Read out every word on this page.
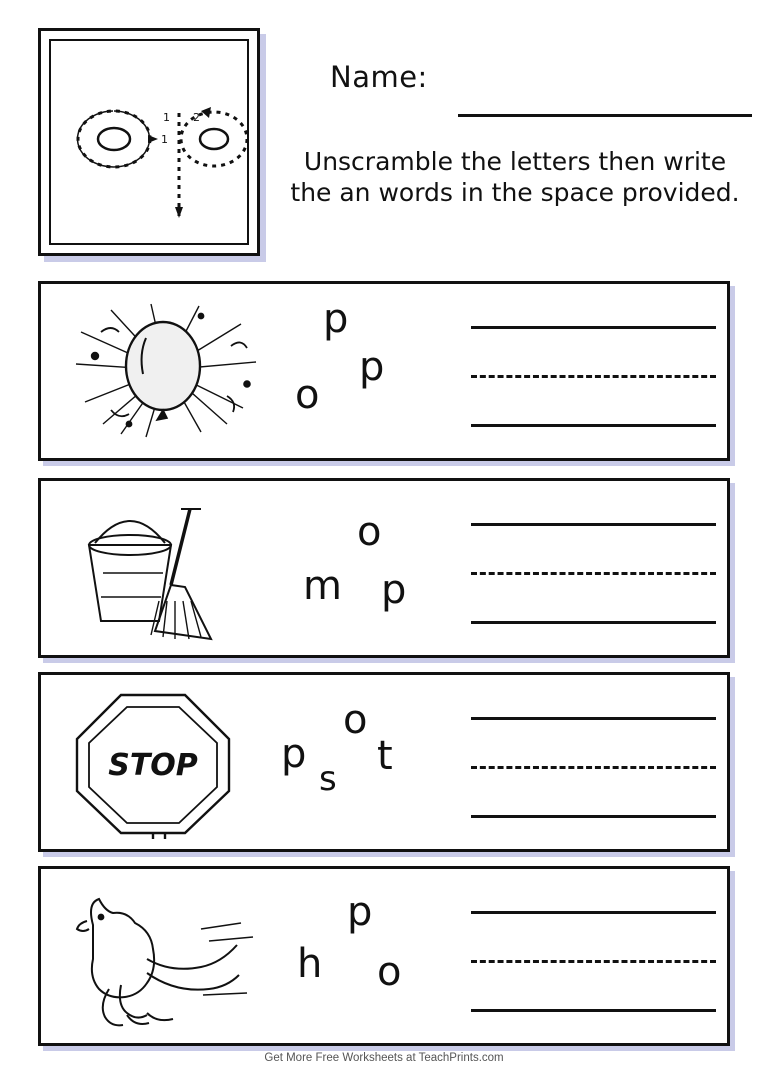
1
1 2
Name:
Unscramble the letters then write the an words in the space provided.
p
p
o
o
m p
STOP
o
p
s t
p
h o
Get More Free Worksheets at TeachPrints.com
